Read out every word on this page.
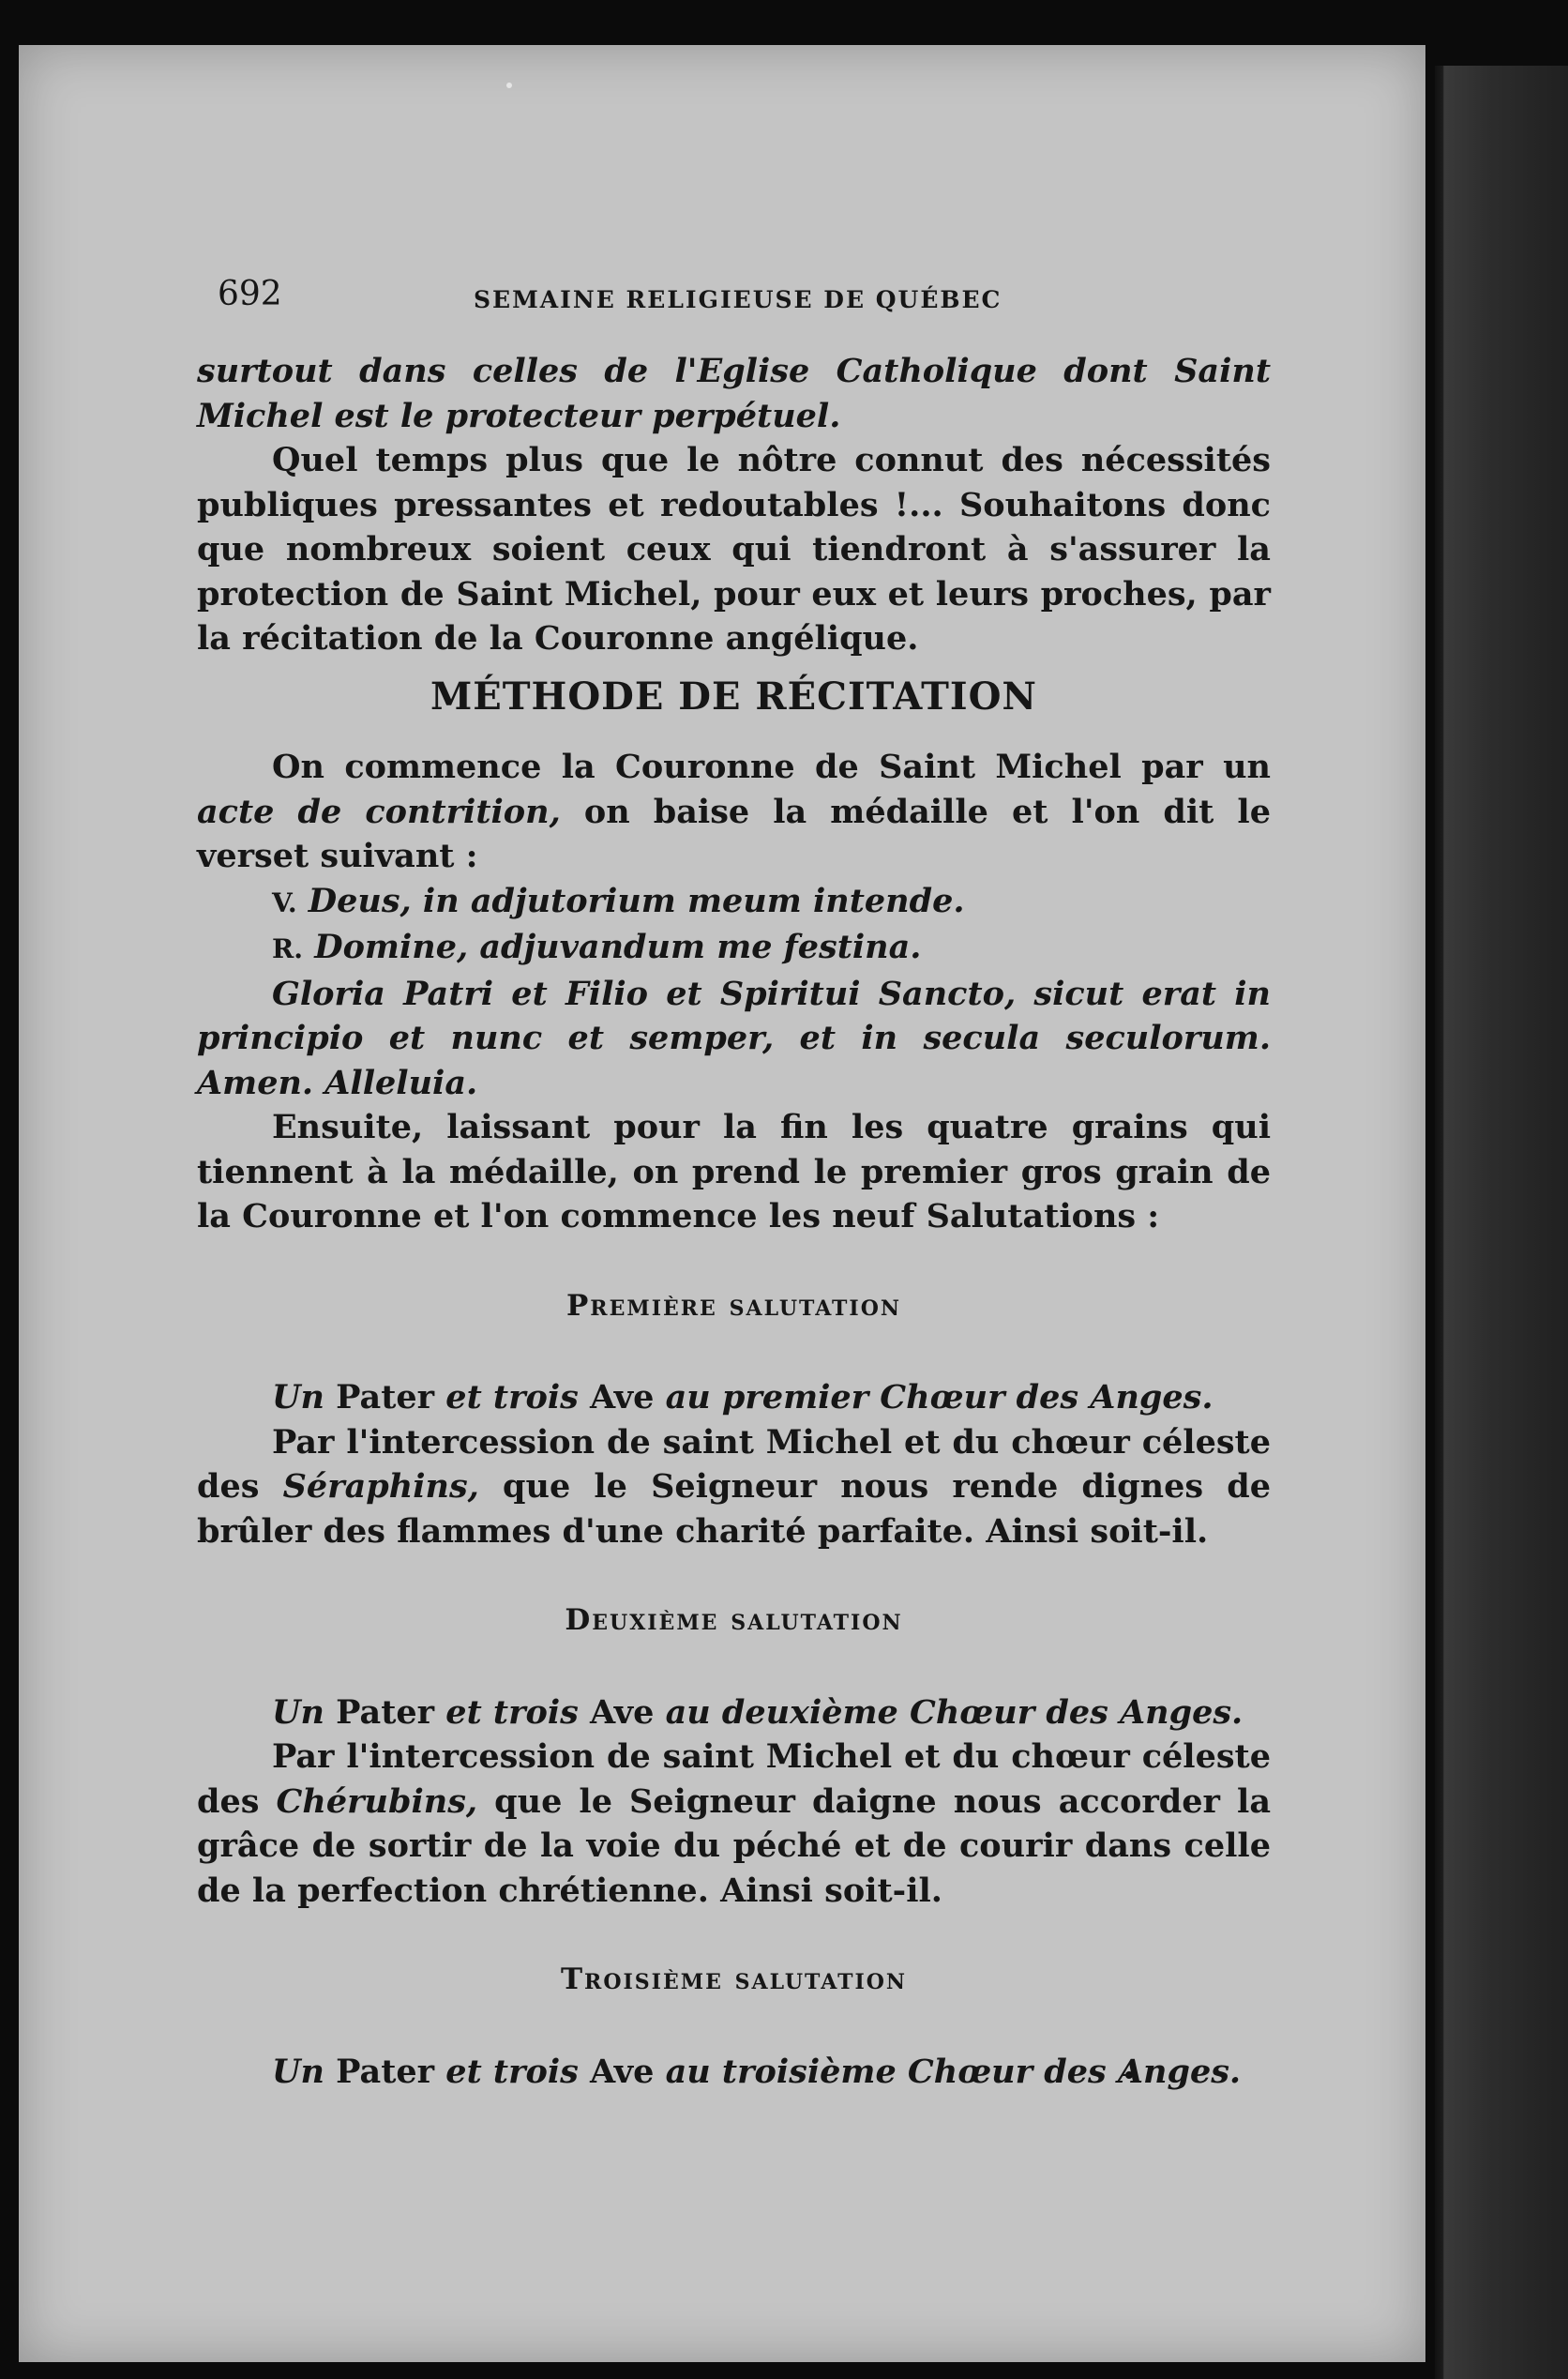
692	SEMAINE RELIGIEUSE DE QUÉBEC

surtout dans celles de l'Eglise Catholique dont Saint Michel est le protecteur perpétuel.

Quel temps plus que le nôtre connut des nécessités publiques pressantes et redoutables !... Souhaitons donc que nombreux soient ceux qui tiendront à s'assurer la protection de Saint Michel, pour eux et leurs proches, par la récitation de la Couronne angélique.

MÉTHODE DE RÉCITATION

On commence la Couronne de Saint Michel par un acte de contrition, on baise la médaille et l'on dit le verset suivant :

V. Deus, in adjutorium meum intende.

R. Domine, adjuvandum me festina.

Gloria Patri et Filio et Spiritui Sancto, sicut erat in principio et nunc et semper, et in secula seculorum. Amen. Alleluia.

Ensuite, laissant pour la fin les quatre grains qui tiennent à la médaille, on prend le premier gros grain de la Couronne et l'on commence les neuf Salutations :

Première salutation

Un Pater et trois Ave au premier Chœur des Anges.

Par l'intercession de saint Michel et du chœur céleste des Séraphins, que le Seigneur nous rende dignes de brûler des flammes d'une charité parfaite. Ainsi soit-il.

Deuxième salutation

Un Pater et trois Ave au deuxième Chœur des Anges.

Par l'intercession de saint Michel et du chœur céleste des Chérubins, que le Seigneur daigne nous accorder la grâce de sortir de la voie du péché et de courir dans celle de la perfection chrétienne. Ainsi soit-il.

Troisième salutation

Un Pater et trois Ave au troisième Chœur des Anges.
